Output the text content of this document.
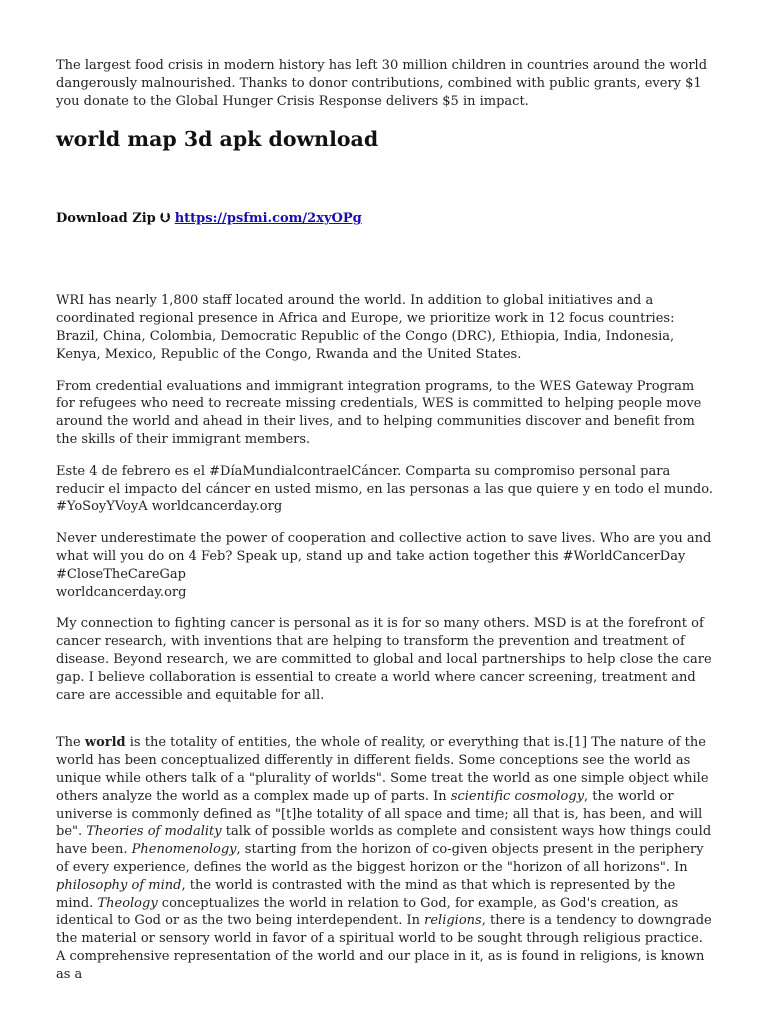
The largest food crisis in modern history has left 30 million children in countries around the world dangerously malnourished. Thanks to donor contributions, combined with public grants, every $1 you donate to the Global Hunger Crisis Response delivers $5 in impact.

world map 3d apk download
Download Zip ⮋ https://psfmi.com/2xyOPg

WRI has nearly 1,800 staff located around the world. In addition to global initiatives and a coordinated regional presence in Africa and Europe, we prioritize work in 12 focus countries: Brazil, China, Colombia, Democratic Republic of the Congo (DRC), Ethiopia, India, Indonesia, Kenya, Mexico, Republic of the Congo, Rwanda and the United States.

From credential evaluations and immigrant integration programs, to the WES Gateway Program for refugees who need to recreate missing credentials, WES is committed to helping people move around the world and ahead in their lives, and to helping communities discover and benefit from the skills of their immigrant members.

Este 4 de febrero es el #DíaMundialcontraelCáncer. Comparta su compromiso personal para reducir el impacto del cáncer en usted mismo, en las personas a las que quiere y en todo el mundo. #YoSoyYVoyA worldcancerday.org

Never underestimate the power of cooperation and collective action to save lives. Who are you and what will you do on 4 Feb? Speak up, stand up and take action together this #WorldCancerDay #CloseTheCareGap
worldcancerday.org

My connection to fighting cancer is personal as it is for so many others. MSD is at the forefront of cancer research, with inventions that are helping to transform the prevention and treatment of disease. Beyond research, we are committed to global and local partnerships to help close the care gap. I believe collaboration is essential to create a world where cancer screening, treatment and care are accessible and equitable for all.

The world is the totality of entities, the whole of reality, or everything that is.[1] The nature of the world has been conceptualized differently in different fields. Some conceptions see the world as unique while others talk of a "plurality of worlds". Some treat the world as one simple object while others analyze the world as a complex made up of parts. In scientific cosmology, the world or universe is commonly defined as "[t]he totality of all space and time; all that is, has been, and will be". Theories of modality talk of possible worlds as complete and consistent ways how things could have been. Phenomenology, starting from the horizon of co-given objects present in the periphery of every experience, defines the world as the biggest horizon or the "horizon of all horizons". In philosophy of mind, the world is contrasted with the mind as that which is represented by the mind. Theology conceptualizes the world in relation to God, for example, as God's creation, as identical to God or as the two being interdependent. In religions, there is a tendency to downgrade the material or sensory world in favor of a spiritual world to be sought through religious practice. A comprehensive representation of the world and our place in it, as is found in religions, is known as a
